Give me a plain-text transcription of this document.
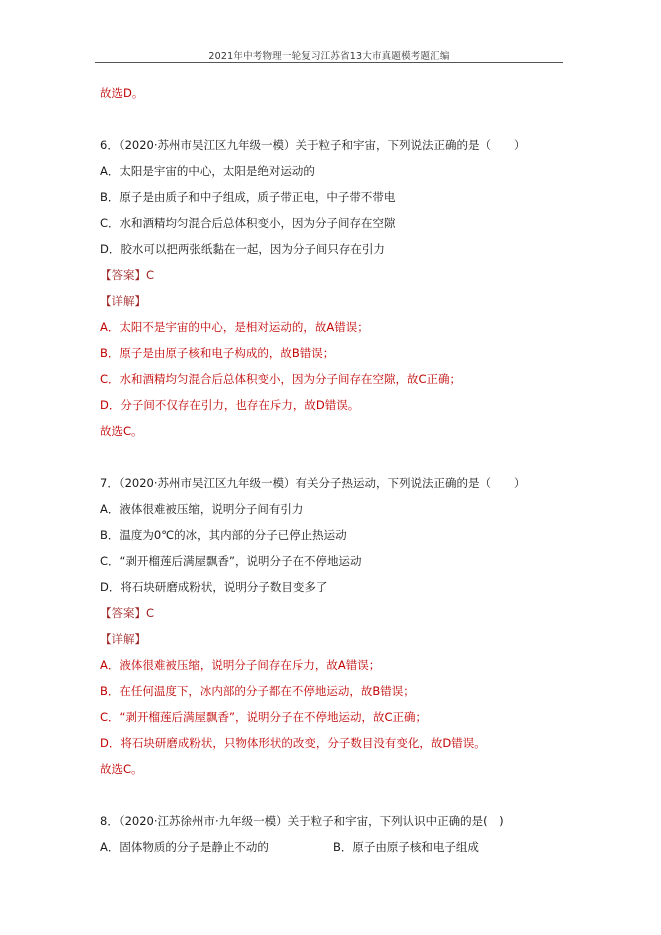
2021年中考物理一轮复习江苏省13大市真题模考题汇编
故选D。
6．（2020·苏州市吴江区九年级一模）关于粒子和宇宙，下列说法正确的是（　　）
A．太阳是宇宙的中心，太阳是绝对运动的
B．原子是由质子和中子组成，质子带正电，中子带不带电
C．水和酒精均匀混合后总体积变小，因为分子间存在空隙
D．胶水可以把两张纸黏在一起，因为分子间只存在引力
【答案】C
【详解】
A．太阳不是宇宙的中心，是相对运动的，故A错误；
B．原子是由原子核和电子构成的，故B错误；
C．水和酒精均匀混合后总体积变小，因为分子间存在空隙，故C正确；
D．分子间不仅存在引力，也存在斥力，故D错误。
故选C。
7．（2020·苏州市吴江区九年级一模）有关分子热运动，下列说法正确的是（　　）
A．液体很难被压缩，说明分子间有引力
B．温度为0℃的冰，其内部的分子已停止热运动
C．“剥开榴莲后满屋飘香”，说明分子在不停地运动
D．将石块研磨成粉状，说明分子数目变多了
【答案】C
【详解】
A．液体很难被压缩，说明分子间存在斥力，故A错误；
B．在任何温度下，冰内部的分子都在不停地运动，故B错误；
C．“剥开榴莲后满屋飘香”，说明分子在不停地运动，故C正确；
D．将石块研磨成粉状，只物体形状的改变，分子数目没有变化，故D错误。
故选C。
8．（2020·江苏徐州市·九年级一模）关于粒子和宇宙，下列认识中正确的是(　)
A．固体物质的分子是静止不动的	B．原子由原子核和电子组成
